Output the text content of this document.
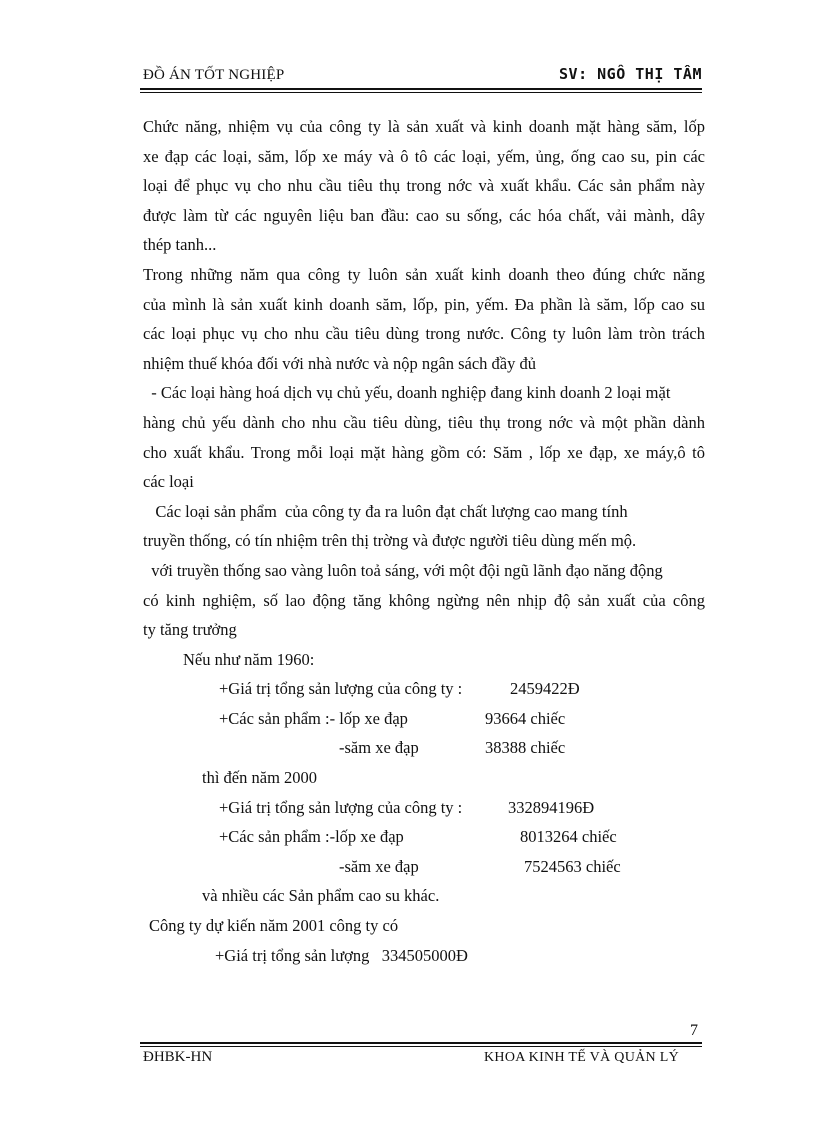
ĐỒ ÁN TỐT NGHIỆP	SV: NGÔ THỊ TÂM
Chức năng, nhiệm vụ của công ty là sản xuất và kinh doanh mặt hàng săm, lốp
xe đạp các loại, săm, lốp xe máy và ô tô các loại, yếm, ủng, ống cao su, pin các
loại để phục vụ cho nhu cầu tiêu thụ trong nớc và xuất khẩu. Các sản phẩm này
được làm từ các nguyên liệu ban đầu: cao su sống, các hóa chất, vải mành, dây
thép tanh...
Trong những năm qua công ty luôn sản xuất kinh doanh theo đúng chức năng
của mình là sản xuất kinh doanh săm, lốp, pin, yếm. Đa phần là săm, lốp cao su
các loại phục vụ cho nhu cầu tiêu dùng trong nước. Công ty luôn làm tròn trách
nhiệm thuế khóa đối với nhà nước và nộp ngân sách đầy đủ
- Các loại hàng hoá dịch vụ chủ yếu, doanh nghiệp đang kinh doanh 2 loại mặt
hàng chủ yếu dành cho nhu cầu tiêu dùng, tiêu thụ trong nớc và một phần dành
cho xuất khẩu. Trong mỗi loại mặt hàng gồm có: Săm , lốp xe đạp, xe máy,ô tô
các loại
Các loại sản phẩm  của công ty đa ra luôn đạt chất lượng cao mang tính
truyền thống, có tín nhiệm trên thị trờng và được người tiêu dùng mến mộ.
với truyền thống sao vàng luôn toả sáng, với một đội ngũ lãnh đạo năng động
có kinh nghiệm, số lao động tăng không ngừng nên nhịp độ sản xuất của công
ty tăng trưởng
Nếu như năm 1960:
+Giá trị tổng sản lượng của công ty :	2459422Đ
+Các sản phẩm :- lốp xe đạp	93664 chiếc
-săm xe đạp	38388 chiếc
thì đến năm 2000
+Giá trị tổng sản lượng của công ty :	332894196Đ
+Các sản phẩm :-lốp xe đạp	8013264 chiếc
-săm xe đạp	7524563 chiếc
và nhiều các Sản phẩm cao su khác.
Công ty dự kiến năm 2001 công ty có
+Giá trị tổng sản lượng   334505000Đ
7
ĐHBK-HN	KHOA KINH TẾ VÀ QUẢN LÝ
